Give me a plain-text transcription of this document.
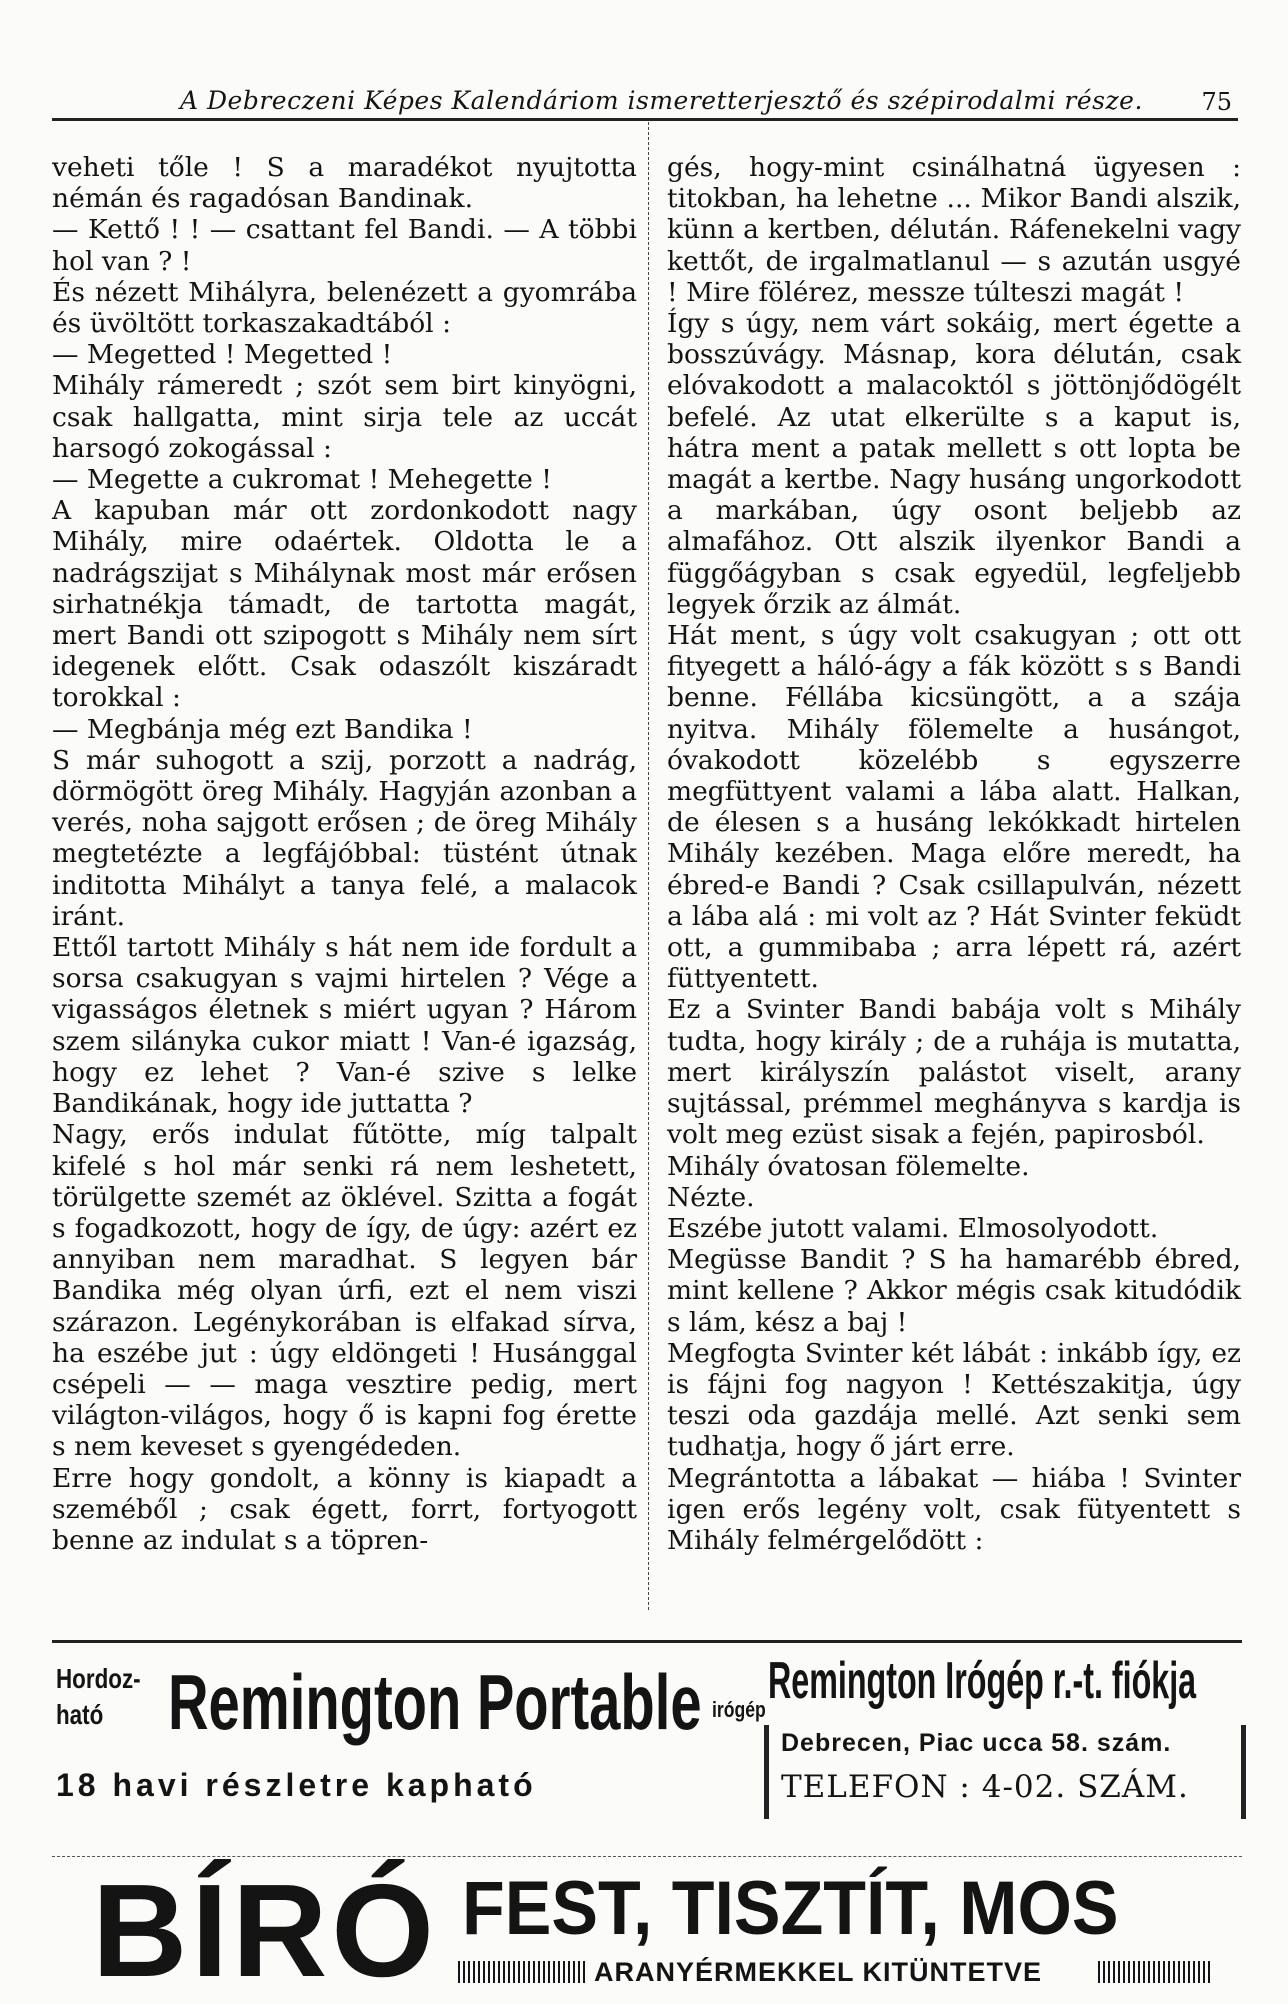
A Debreczeni Képes Kalendáriom ismeretterjesztő és szépirodalmi része. 75

veheti tőle ! S a maradékot nyujtotta némán és ragadósan Bandinak.

— Kettő ! ! — csattant fel Bandi. — A többi hol van ? !

És nézett Mihályra, belenézett a gyomrába és üvöltött torkaszakadtából :

— Megetted ! Megetted !

Mihály rámeredt ; szót sem birt kinyögni, csak hallgatta, mint sirja tele az uccát harsogó zokogással :

— Megette a cukromat ! Mehegette !

A kapuban már ott zordonkodott nagy Mihály, mire odaértek. Oldotta le a nadrágszijat s Mihálynak most már erősen sirhatnékja támadt, de tartotta magát, mert Bandi ott szipogott s Mihály nem sírt idegenek előtt. Csak odaszólt kiszáradt torokkal :

— Megbánja még ezt Bandika !

S már suhogott a szij, porzott a nadrág, dörmögött öreg Mihály. Hagyján azonban a verés, noha sajgott erősen ; de öreg Mihály megtetézte a legfájóbbal: tüstént útnak inditotta Mihályt a tanya felé, a malacok iránt.

Ettől tartott Mihály s hát nem ide fordult a sorsa csakugyan s vajmi hirtelen ? Vége a vigasságos életnek s miért ugyan ? Három szem silányka cukor miatt ! Van-é igazság, hogy ez lehet ? Van-é szive s lelke Bandikának, hogy ide juttatta ?

Nagy, erős indulat fűtötte, míg talpalt kifelé s hol már senki rá nem leshetett, törülgette szemét az öklével. Szitta a fogát s fogadkozott, hogy de így, de úgy: azért ez annyiban nem maradhat. S legyen bár Bandika még olyan úrfi, ezt el nem viszi szárazon. Legénykorában is elfakad sírva, ha eszébe jut : úgy eldöngeti ! Husánggal csépeli — — maga vesztire pedig, mert világton-világos, hogy ő is kapni fog érette s nem keveset s gyengédeden.

Erre hogy gondolt, a könny is kiapadt a szeméből ; csak égett, forrt, fortyogott benne az indulat s a töpren-

gés, hogy-mint csinálhatná ügyesen : titokban, ha lehetne ... Mikor Bandi alszik, künn a kertben, délután. Ráfenekelni vagy kettőt, de irgalmatlanul — s azután usgyé ! Mire fölérez, messze túlteszi magát !

Így s úgy, nem várt sokáig, mert égette a bosszúvágy. Másnap, kora délután, csak elóvakodott a malacoktól s jöttönjődögélt befelé. Az utat elkerülte s a kaput is, hátra ment a patak mellett s ott lopta be magát a kertbe. Nagy husáng ungorkodott a markában, úgy osont beljebb az almafához. Ott alszik ilyenkor Bandi a függőágyban s csak egyedül, legfeljebb legyek őrzik az álmát.

Hát ment, s úgy volt csakugyan ; ott ott fityegett a háló-ágy a fák között s s Bandi benne. Féllába kicsüngött, a a szája nyitva. Mihály fölemelte a husángot, óvakodott közelébb s egyszerre megfüttyent valami a lába alatt. Halkan, de élesen s a husáng lekókkadt hirtelen Mihály kezében. Maga előre meredt, ha ébred-e Bandi ? Csak csillapulván, nézett a lába alá : mi volt az ? Hát Svinter feküdt ott, a gummibaba ; arra lépett rá, azért füttyentett.

Ez a Svinter Bandi babája volt s Mihály tudta, hogy király ; de a ruhája is mutatta, mert királyszín palástot viselt, arany sujtással, prémmel meghányva s kardja is volt meg ezüst sisak a fején, papirosból.

Mihály óvatosan fölemelte.

Nézte.

Eszébe jutott valami. Elmosolyodott.

Megüsse Bandit ? S ha hamarébb ébred, mint kellene ? Akkor mégis csak kitudódik s lám, kész a baj !

Megfogta Svinter két lábát : inkább így, ez is fájni fog nagyon ! Kettészakitja, úgy teszi oda gazdája mellé. Azt senki sem tudhatja, hogy ő járt erre.

Megrántotta a lábakat — hiába ! Svinter igen erős legény volt, csak fütyentett s Mihály felmérgelődött :

Hordoz-
ható Remington Portable irógép
18 havi részletre kapható
Remington Irógép r.-t. fiókja
Debrecen, Piac ucca 58. szám.
TELEFON : 4-02. SZÁM.
BÍRÓ FEST, TISZTÍT, MOS
ARANYÉRMEKKEL KITÜNTETVE
